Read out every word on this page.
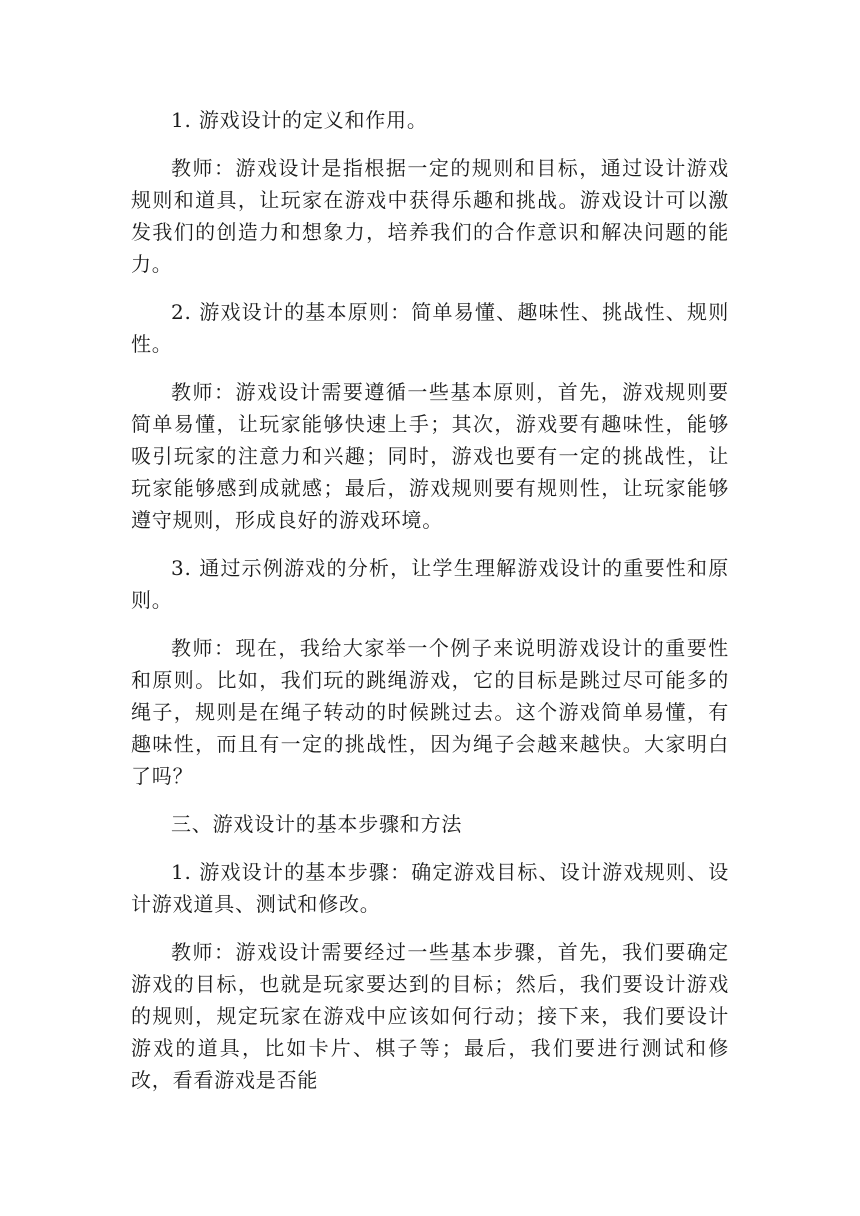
1. 游戏设计的定义和作用。

教师：游戏设计是指根据一定的规则和目标，通过设计游戏规则和道具，让玩家在游戏中获得乐趣和挑战。游戏设计可以激发我们的创造力和想象力，培养我们的合作意识和解决问题的能力。

2. 游戏设计的基本原则：简单易懂、趣味性、挑战性、规则性。

教师：游戏设计需要遵循一些基本原则，首先，游戏规则要简单易懂，让玩家能够快速上手；其次，游戏要有趣味性，能够吸引玩家的注意力和兴趣；同时，游戏也要有一定的挑战性，让玩家能够感到成就感；最后，游戏规则要有规则性，让玩家能够遵守规则，形成良好的游戏环境。

3. 通过示例游戏的分析，让学生理解游戏设计的重要性和原则。

教师：现在，我给大家举一个例子来说明游戏设计的重要性和原则。比如，我们玩的跳绳游戏，它的目标是跳过尽可能多的绳子，规则是在绳子转动的时候跳过去。这个游戏简单易懂，有趣味性，而且有一定的挑战性，因为绳子会越来越快。大家明白了吗？

三、游戏设计的基本步骤和方法

1. 游戏设计的基本步骤：确定游戏目标、设计游戏规则、设计游戏道具、测试和修改。

教师：游戏设计需要经过一些基本步骤，首先，我们要确定游戏的目标，也就是玩家要达到的目标；然后，我们要设计游戏的规则，规定玩家在游戏中应该如何行动；接下来，我们要设计游戏的道具，比如卡片、棋子等；最后，我们要进行测试和修改，看看游戏是否能
